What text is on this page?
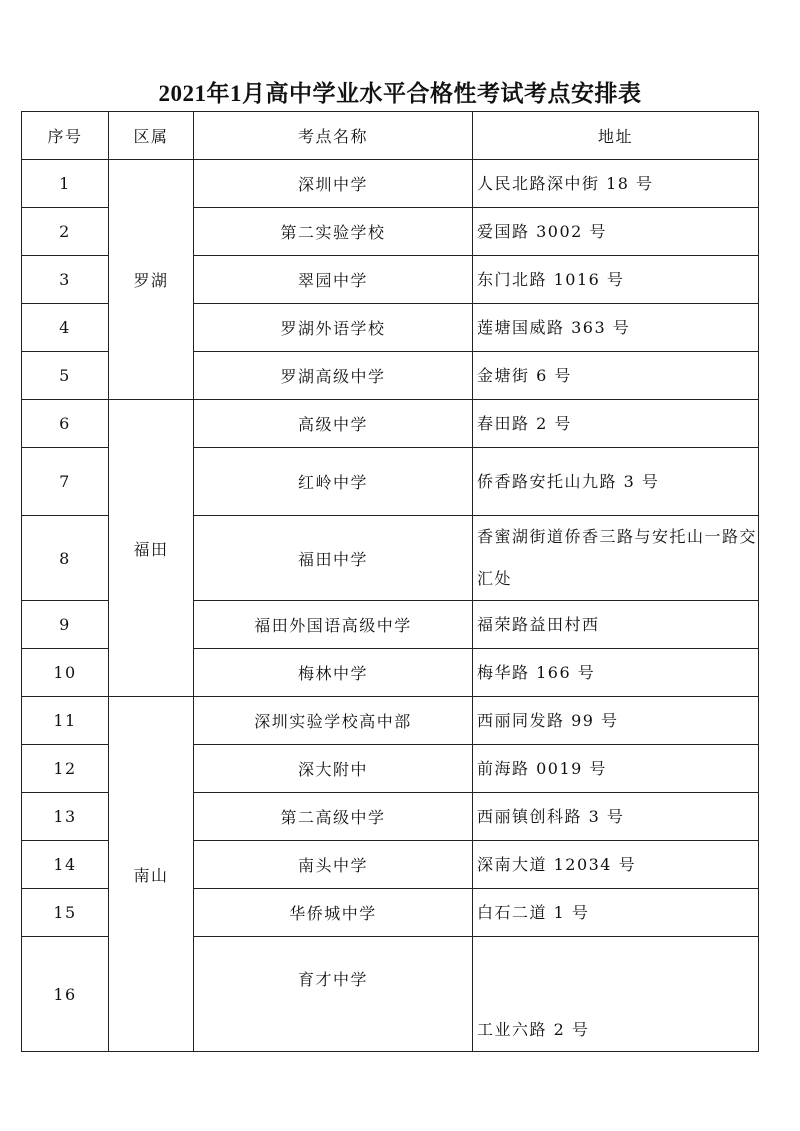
2021年1月高中学业水平合格性考试考点安排表
序号	区属	考点名称	地址
1	罗湖	深圳中学	人民北路深中街 18 号
2		第二实验学校	爱国路 3002 号
3		翠园中学	东门北路 1016 号
4		罗湖外语学校	莲塘国威路 363 号
5		罗湖高级中学	金塘街 6 号
6	福田	高级中学	春田路 2 号
7		红岭中学	侨香路安托山九路 3 号
8		福田中学	香蜜湖街道侨香三路与安托山一路交汇处
9		福田外国语高级中学	福荣路益田村西
10		梅林中学	梅华路 166 号
11	南山	深圳实验学校高中部	西丽同发路 99 号
12		深大附中	前海路 0019 号
13		第二高级中学	西丽镇创科路 3 号
14		南头中学	深南大道 12034 号
15		华侨城中学	白石二道 1 号
16		育才中学	工业六路 2 号
